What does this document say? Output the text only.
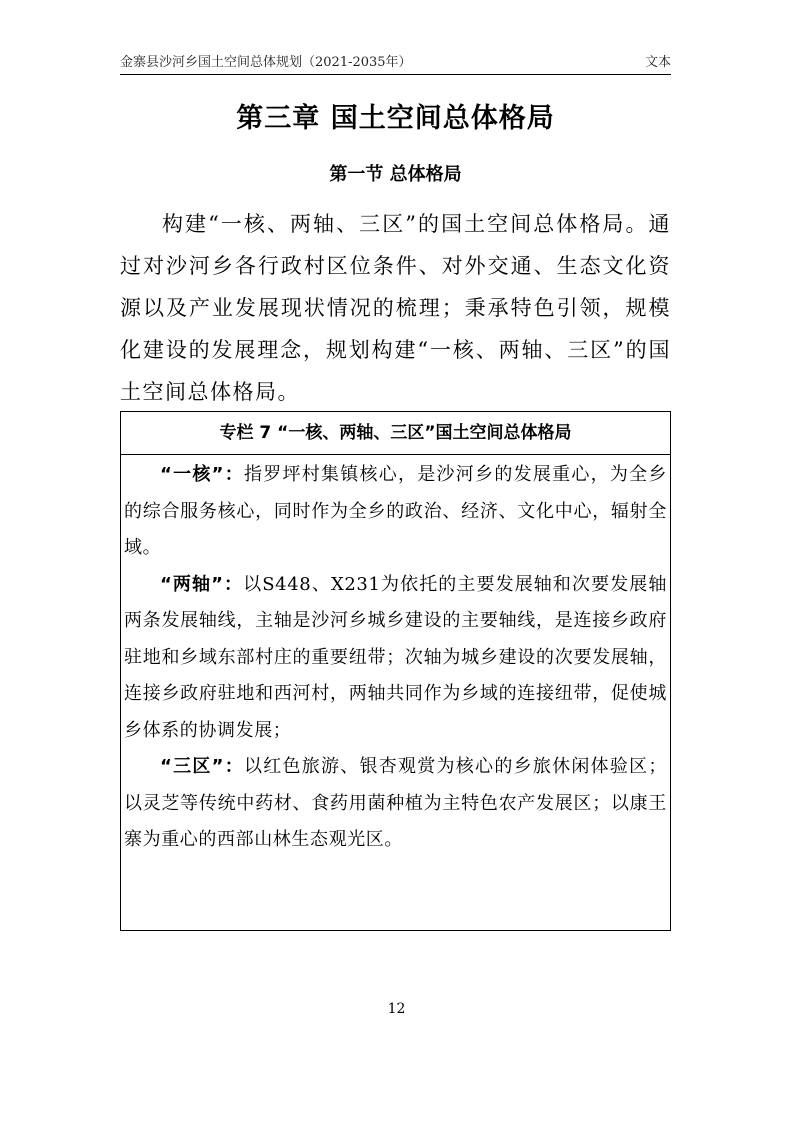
金寨县沙河乡国土空间总体规划（2021-2035年）	文本
第三章 国土空间总体格局
第一节 总体格局

构建“一核、两轴、三区”的国土空间总体格局。通过对沙河乡各行政村区位条件、对外交通、生态文化资源以及产业发展现状情况的梳理；秉承特色引领，规模化建设的发展理念，规划构建“一核、两轴、三区”的国土空间总体格局。

专栏 7 “一核、两轴、三区”国土空间总体格局

“一核”：指罗坪村集镇核心，是沙河乡的发展重心，为全乡的综合服务核心，同时作为全乡的政治、经济、文化中心，辐射全域。

“两轴”：以S448、X231为依托的主要发展轴和次要发展轴两条发展轴线，主轴是沙河乡城乡建设的主要轴线，是连接乡政府驻地和乡域东部村庄的重要纽带；次轴为城乡建设的次要发展轴，连接乡政府驻地和西河村，两轴共同作为乡域的连接纽带，促使城乡体系的协调发展；

“三区”：以红色旅游、银杏观赏为核心的乡旅休闲体验区；以灵芝等传统中药材、食药用菌种植为主特色农产发展区；以康王寨为重心的西部山林生态观光区。

12
